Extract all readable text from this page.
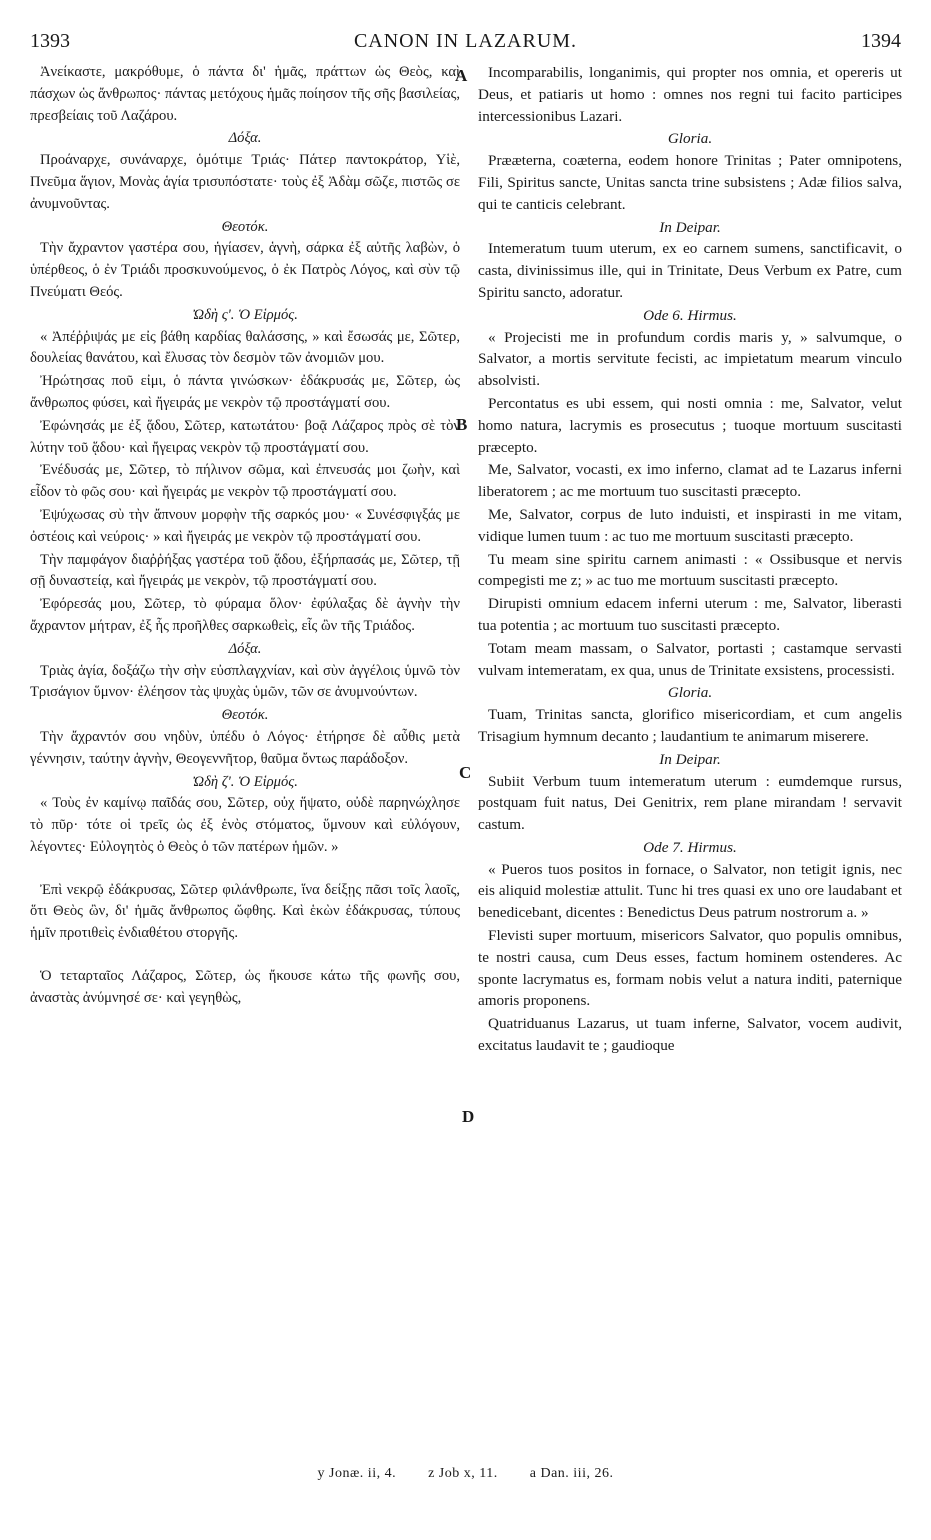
1393	CANON IN LAZARUM.	1394
A
B
C
D

Ἀνείκαστε, μακρόθυμε, ὁ πάντα δι' ἡμᾶς, πράττων ὡς Θεὸς, καὶ πάσχων ὡς ἄνθρωπος· πάντας μετόχους ἡμᾶς ποίησον τῆς σῆς βασιλείας, πρεσβείαις τοῦ Λαζάρου.

Δόξα.

Προάναρχε, συνάναρχε, ὁμότιμε Τριάς· Πάτερ παντοκράτορ, Υἱὲ, Πνεῦμα ἅγιον, Μονὰς ἁγία τρισυπόστατε· τοὺς ἐξ Ἀδὰμ σῶζε, πιστῶς σε ἀνυμνοῦντας.

Θεοτόκ.

Τὴν ἄχραντον γαστέρα σου, ἡγίασεν, ἁγνὴ, σάρκα ἐξ αὐτῆς λαβὼν, ὁ ὑπέρθεος, ὁ ἐν Τριάδι προσκυνούμενος, ὁ ἐκ Πατρὸς Λόγος, καὶ σὺν τῷ Πνεύματι Θεός.

Ὠδὴ ς'. Ὁ Εἱρμός.

« Ἀπέῤῥιψάς με εἰς βάθη καρδίας θαλάσσης, » καὶ ἔσωσάς με, Σῶτερ, δουλείας θανάτου, καὶ ἔλυσας τὸν δεσμὸν τῶν ἀνομιῶν μου.

Ἠρώτησας ποῦ εἰμι, ὁ πάντα γινώσκων· ἐδάκρυσάς με, Σῶτερ, ὡς ἄνθρωπος φύσει, καὶ ἤγειράς με νεκρὸν τῷ προστάγματί σου.

Ἐφώνησάς με ἐξ ᾅδου, Σῶτερ, κατωτάτου· βοᾷ Λάζαρος πρὸς σὲ τὸν λύτην τοῦ ᾅδου· καὶ ἤγειρας νεκρὸν τῷ προστάγματί σου.

Ἐνέδυσάς με, Σῶτερ, τὸ πήλινον σῶμα, καὶ ἐπνευσάς μοι ζωὴν, καὶ εἶδον τὸ φῶς σου· καὶ ἤγειράς με νεκρὸν τῷ προστάγματί σου.

Ἐψύχωσας σὺ τὴν ἄπνουν μορφὴν τῆς σαρκός μου· « Συνέσφιγξάς με ὀστέοις καὶ νεύροις· » καὶ ἤγειράς με νεκρὸν τῷ προστάγματί σου.

Τὴν παμφάγον διαῤῥήξας γαστέρα τοῦ ᾅδου, ἐξήρπασάς με, Σῶτερ, τῇ σῇ δυναστείᾳ, καὶ ἤγειράς με νεκρὸν, τῷ προστάγματί σου.

Ἐφόρεσάς μου, Σῶτερ, τὸ φύραμα ὅλον· ἐφύλαξας δὲ ἁγνὴν τὴν ἄχραντον μήτραν, ἐξ ἧς προῆλθες σαρκωθεὶς, εἷς ὢν τῆς Τριάδος.

Δόξα.

Τριὰς ἁγία, δοξάζω τὴν σὴν εὐσπλαγχνίαν, καὶ σὺν ἀγγέλοις ὑμνῶ τὸν Τρισάγιον ὕμνον· ἐλέησον τὰς ψυχὰς ὑμῶν, τῶν σε ἀνυμνούντων.

Θεοτόκ.

Τὴν ἄχραντόν σου νηδὺν, ὑπέδυ ὁ Λόγος· ἐτήρησε δὲ αὖθις μετὰ γέννησιν, ταύτην ἁγνὴν, Θεογεννῆτορ, θαῦμα ὄντως παράδοξον.

Ὠδὴ ζ'. Ὁ Εἱρμός.

« Τοὺς ἐν καμίνῳ παῖδάς σου, Σῶτερ, οὐχ ἥψατο, οὐδὲ παρηνώχλησε τὸ πῦρ· τότε οἱ τρεῖς ὡς ἐξ ἑνὸς στόματος, ὕμνουν καὶ εὐλόγουν, λέγοντες· Εὐλογητὸς ὁ Θεὸς ὁ τῶν πατέρων ἡμῶν. »

Ἐπὶ νεκρῷ ἐδάκρυσας, Σῶτερ φιλάνθρωπε, ἵνα δείξῃς πᾶσι τοῖς λαοῖς, ὅτι Θεὸς ὢν, δι' ἡμᾶς ἄνθρωπος ὤφθης. Καὶ ἑκὼν ἐδάκρυσας, τύπους ἡμῖν προτιθεὶς ἐνδιαθέτου στοργῆς.

Ὁ τεταρταῖος Λάζαρος, Σῶτερ, ὡς ἤκουσε κάτω τῆς φωνῆς σου, ἀναστὰς ἀνύμνησέ σε· καὶ γεγηθὼς,

Incomparabilis, longanimis, qui propter nos omnia, et opereris ut Deus, et patiaris ut homo : omnes nos regni tui facito participes intercessionibus Lazari.

Gloria.

Prææterna, coæterna, eodem honore Trinitas ; Pater omnipotens, Fili, Spiritus sancte, Unitas sancta trine subsistens ; Adæ filios salva, qui te canticis celebrant.

In Deipar.

Intemeratum tuum uterum, ex eo carnem sumens, sanctificavit, o casta, divinissimus ille, qui in Trinitate, Deus Verbum ex Patre, cum Spiritu sancto, adoratur.

Ode 6. Hirmus.

« Projecisti me in profundum cordis maris y, » salvumque, o Salvator, a mortis servitute fecisti, ac impietatum mearum vinculo absolvisti.

Percontatus es ubi essem, qui nosti omnia : me, Salvator, velut homo natura, lacrymis es prosecutus ; tuoque mortuum suscitasti præcepto.

Me, Salvator, vocasti, ex imo inferno, clamat ad te Lazarus inferni liberatorem ; ac me mortuum tuo suscitasti præcepto.

Me, Salvator, corpus de luto induisti, et inspirasti in me vitam, vidique lumen tuum : ac tuo me mortuum suscitasti præcepto.

Tu meam sine spiritu carnem animasti : « Ossibusque et nervis compegisti me z; » ac tuo me mortuum suscitasti præcepto.

Dirupisti omnium edacem inferni uterum : me, Salvator, liberasti tua potentia ; ac mortuum tuo suscitasti præcepto.

Totam meam massam, o Salvator, portasti ; castamque servasti vulvam intemeratam, ex qua, unus de Trinitate exsistens, processisti.

Gloria.

Tuam, Trinitas sancta, glorifico misericordiam, et cum angelis Trisagium hymnum decanto ; laudantium te animarum miserere.

In Deipar.

Subiit Verbum tuum intemeratum uterum : eumdemque rursus, postquam fuit natus, Dei Genitrix, rem plane mirandam ! servavit castum.

Ode 7. Hirmus.

« Pueros tuos positos in fornace, o Salvator, non tetigit ignis, nec eis aliquid molestiæ attulit. Tunc hi tres quasi ex uno ore laudabant et benedicebant, dicentes : Benedictus Deus patrum nostrorum a. »

Flevisti super mortuum, misericors Salvator, quo populis omnibus, te nostri causa, cum Deus esses, factum hominem ostenderes. Ac sponte lacrymatus es, formam nobis velut a natura inditi, paternique amoris proponens.

Quatriduanus Lazarus, ut tuam inferne, Salvator, vocem audivit, excitatus laudavit te ; gaudioque

y Jonæ. ii, 4. z Job x, 11. a Dan. iii, 26.
